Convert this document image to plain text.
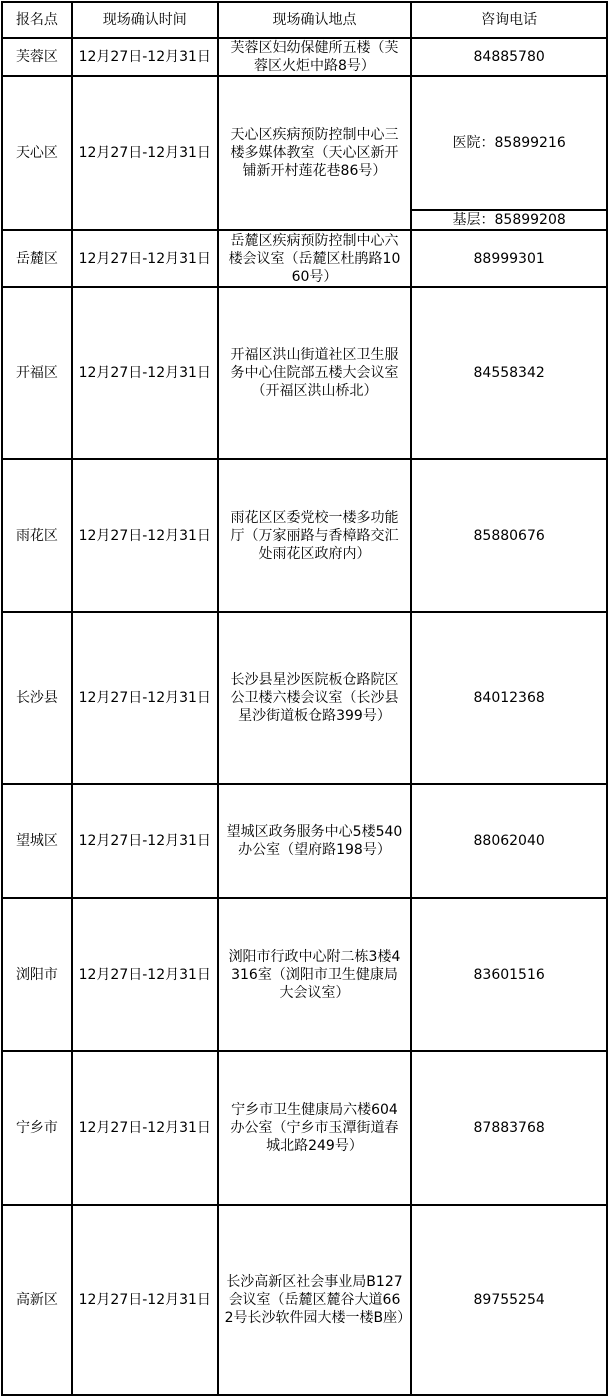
报名点	现场确认时间	现场确认地点	咨询电话
芙蓉区	12月27日-12月31日	芙蓉区妇幼保健所五楼（芙蓉区火炬中路8号）	84885780
天心区	12月27日-12月31日	天心区疾病预防控制中心三楼多媒体教室（天心区新开铺新开村莲花巷86号）	医院：85899216
基层：85899208

岳麓区	12月27日-12月31日	岳麓区疾病预防控制中心六楼会议室（岳麓区杜鹃路1060号）	88999301
开福区	12月27日-12月31日	开福区洪山街道社区卫生服务中心住院部五楼大会议室（开福区洪山桥北）	84558342
雨花区	12月27日-12月31日	雨花区区委党校一楼多功能厅（万家丽路与香樟路交汇处雨花区政府内）	85880676
长沙县	12月27日-12月31日	长沙县星沙医院板仓路院区公卫楼六楼会议室（长沙县星沙街道板仓路399号）	84012368
望城区	12月27日-12月31日	望城区政务服务中心5楼540办公室（望府路198号）	88062040
浏阳市	12月27日-12月31日	浏阳市行政中心附二栋3楼4316室（浏阳市卫生健康局大会议室）	83601516
宁乡市	12月27日-12月31日	宁乡市卫生健康局六楼604办公室（宁乡市玉潭街道春城北路249号）	87883768
高新区	12月27日-12月31日	长沙高新区社会事业局B127会议室（岳麓区麓谷大道662号长沙软件园大楼一楼B座）	89755254
